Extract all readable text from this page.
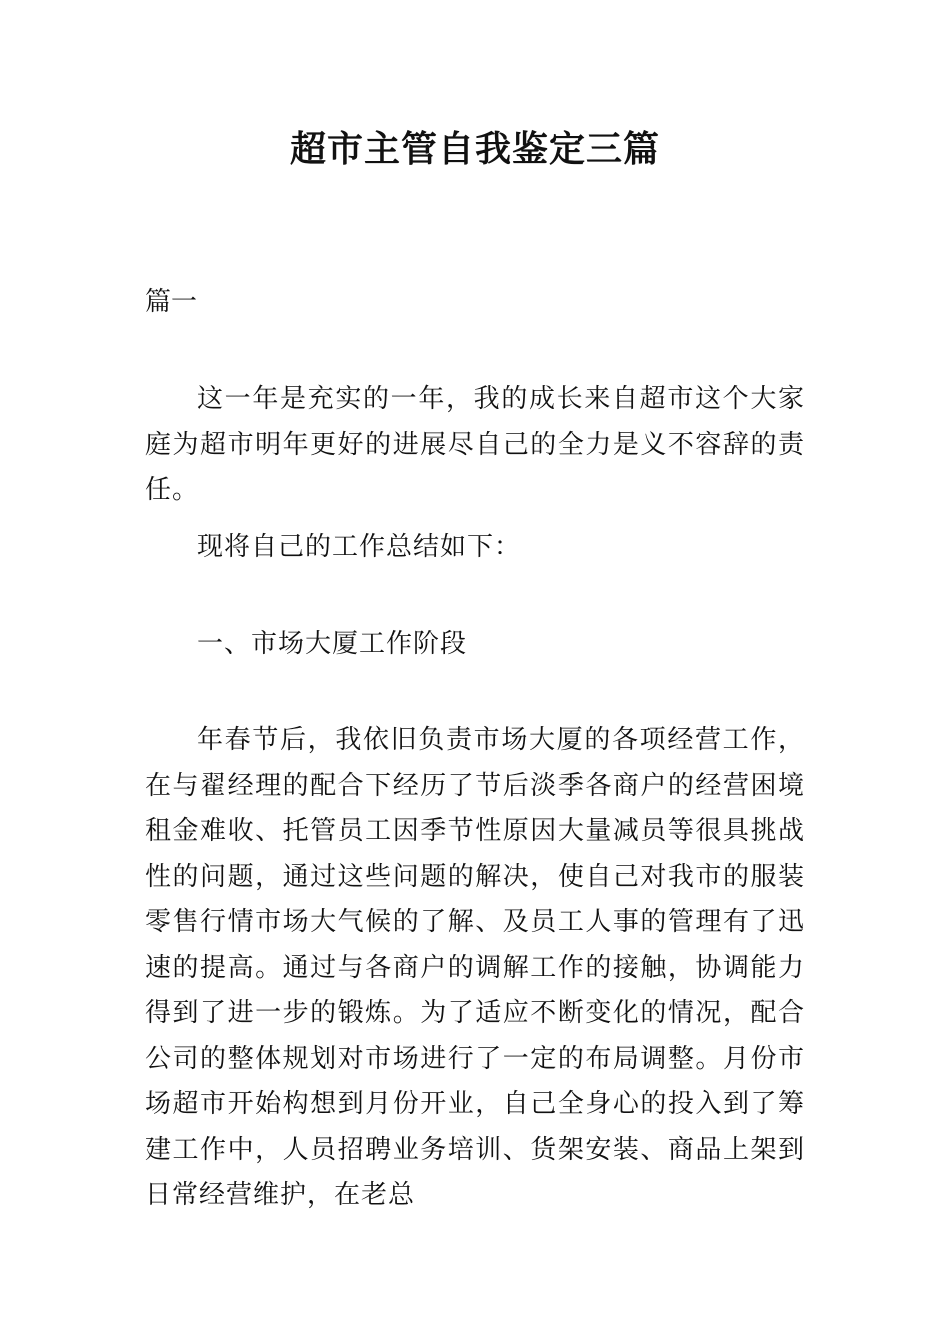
超市主管自我鉴定三篇

篇一

这一年是充实的一年，我的成长来自超市这个大家庭为超市明年更好的进展尽自己的全力是义不容辞的责任。

现将自己的工作总结如下：

一、市场大厦工作阶段

年春节后，我依旧负责市场大厦的各项经营工作，在与翟经理的配合下经历了节后淡季各商户的经营困境租金难收、托管员工因季节性原因大量减员等很具挑战性的问题，通过这些问题的解决，使自己对我市的服装零售行情市场大气候的了解、及员工人事的管理有了迅速的提高。通过与各商户的调解工作的接触，协调能力得到了进一步的锻炼。为了适应不断变化的情况，配合公司的整体规划对市场进行了一定的布局调整。月份市场超市开始构想到月份开业，自己全身心的投入到了筹建工作中，人员招聘业务培训、货架安装、商品上架到日常经营维护，在老总
